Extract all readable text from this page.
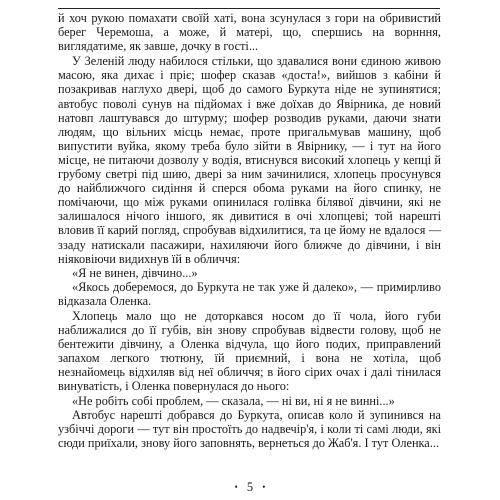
й хоч рукою помахати своїй хаті, вона зсунулася з гори на обривистий берег Черемоша, а може, й матері, що, спершись на ворнння, виглядатиме, як завше, дочку в гості...

У Зеленій люду набилося стільки, що здавалися вони єдиною живою масою, яка дихає і пріє; шофер сказав «доста!», вийшов з кабіни й позакривав наглухо двері, щоб до самого Буркута ніде не зупинятися; автобус поволі сунув на підйомах і вже доїхав до Явірника, де новий натовп лаштувався до штурму; шофер розводив руками, даючи знати людям, що вільних місць немає, проте пригальмував машину, щоб випустити вуйка, якому треба було зійти в Явірнику, — і тут на його місце, не питаючи дозволу у водія, втиснувся високий хлопець у кепці й грубому светрі під шию, двері за ним зачинилися, хлопець просунувся до найближчого сидіння й сперся обома руками на його спинку, не помічаючи, що між руками опинилася голівка білявої дівчини, які не залишалося нічого іншого, як дивитися в очі хлопцеві; той нарешті вловив її карий погляд, спробував відхилитися, та це йому не вдалося — ззаду натискали пасажири, нахиляючи його ближче до дівчини, і він ніяковіючи видихнув їй в обличчя:

«Я не винен, дівчино...»

«Якось доберемося, до Буркута не так уже й далеко», — примирливо відказала Оленка.

Хлопець мало що не доторкався носом до її чола, його губи наближалися до її губів, він знову спробував відвести голову, щоб не бентежити дівчину, а Оленка відчула, що його подих, приправлений запахом легкого тютюну, їй приємний, і вона не хотіла, щоб незнайомець відхиляв від неї обличчя; в його сірих очах і далі тінилася винуватість, і Оленка повернулася до нього:

«Не робіть собі проблем, — сказала, — ні ви, ні я не винні...»

Автобус нарешті добрався до Буркута, описав коло й зупинився на узбіччі дороги — тут він простоїть до надвечір'я, і коли ті самі люди, які сюди приїхали, знову його заповнять, вернеться до Жаб'я. І тут Оленка...

• 5 •
